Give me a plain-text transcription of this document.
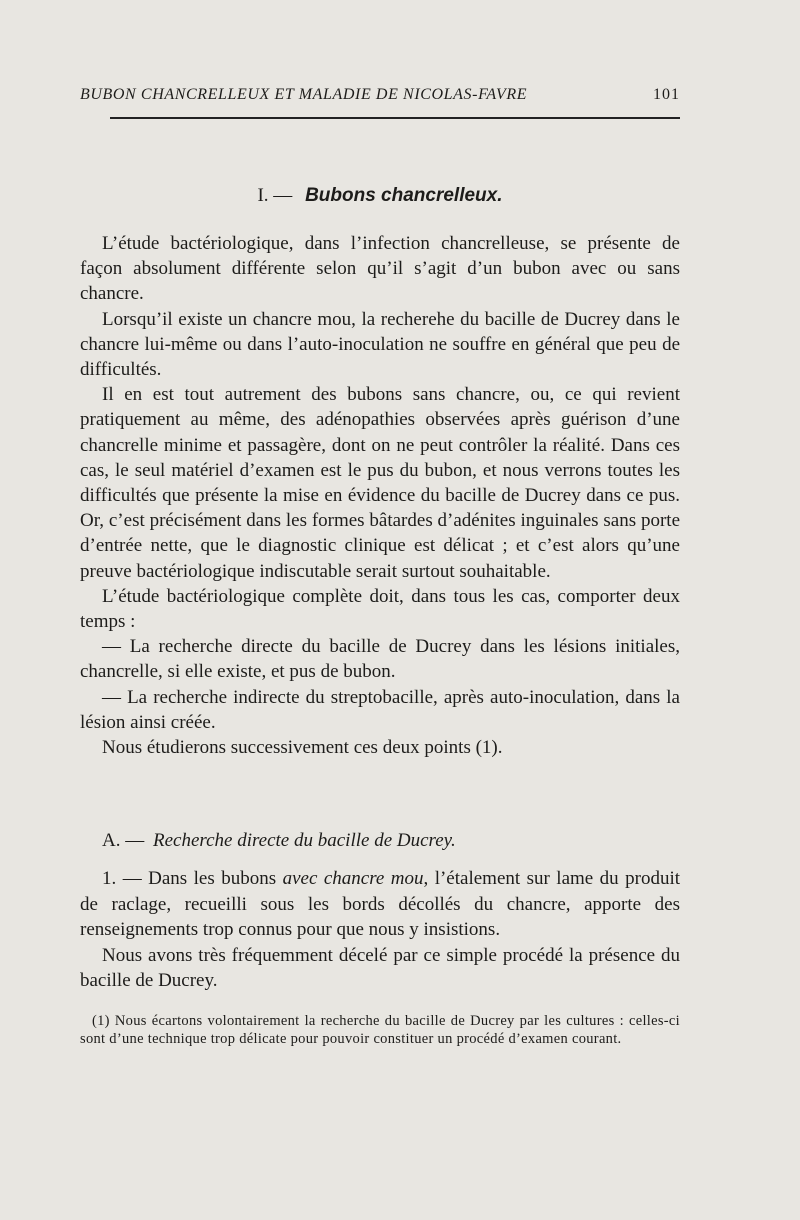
BUBON CHANCRELLEUX ET MALADIE DE NICOLAS-FAVRE	101
I. — Bubons chancrelleux.

L’étude bactériologique, dans l’infection chancrelleuse, se présente de façon absolument différente selon qu’il s’agit d’un bubon avec ou sans chancre.

Lorsqu’il existe un chancre mou, la recherehe du bacille de Ducrey dans le chancre lui-même ou dans l’auto-inoculation ne souffre en général que peu de difficultés.

Il en est tout autrement des bubons sans chancre, ou, ce qui revient pratiquement au même, des adénopathies observées après guérison d’une chancrelle minime et passagère, dont on ne peut contrôler la réalité. Dans ces cas, le seul matériel d’examen est le pus du bubon, et nous verrons toutes les difficultés que présente la mise en évidence du bacille de Ducrey dans ce pus. Or, c’est précisément dans les formes bâtardes d’adénites inguinales sans porte d’entrée nette, que le diagnostic clinique est délicat ; et c’est alors qu’une preuve bactériologique indiscutable serait surtout souhaitable.

L’étude bactériologique complète doit, dans tous les cas, comporter deux temps :

— La recherche directe du bacille de Ducrey dans les lésions initiales, chancrelle, si elle existe, et pus de bubon.

— La recherche indirecte du streptobacille, après auto-inoculation, dans la lésion ainsi créée.

Nous étudierons successivement ces deux points (1).

A. — Recherche directe du bacille de Ducrey.

1. — Dans les bubons avec chancre mou, l’étalement sur lame du produit de raclage, recueilli sous les bords décollés du chancre, apporte des renseignements trop connus pour que nous y insistions.

Nous avons très fréquemment décelé par ce simple procédé la présence du bacille de Ducrey.

(1) Nous écartons volontairement la recherche du bacille de Ducrey par les cultures : celles-ci sont d’une technique trop délicate pour pouvoir constituer un procédé d’examen courant.
